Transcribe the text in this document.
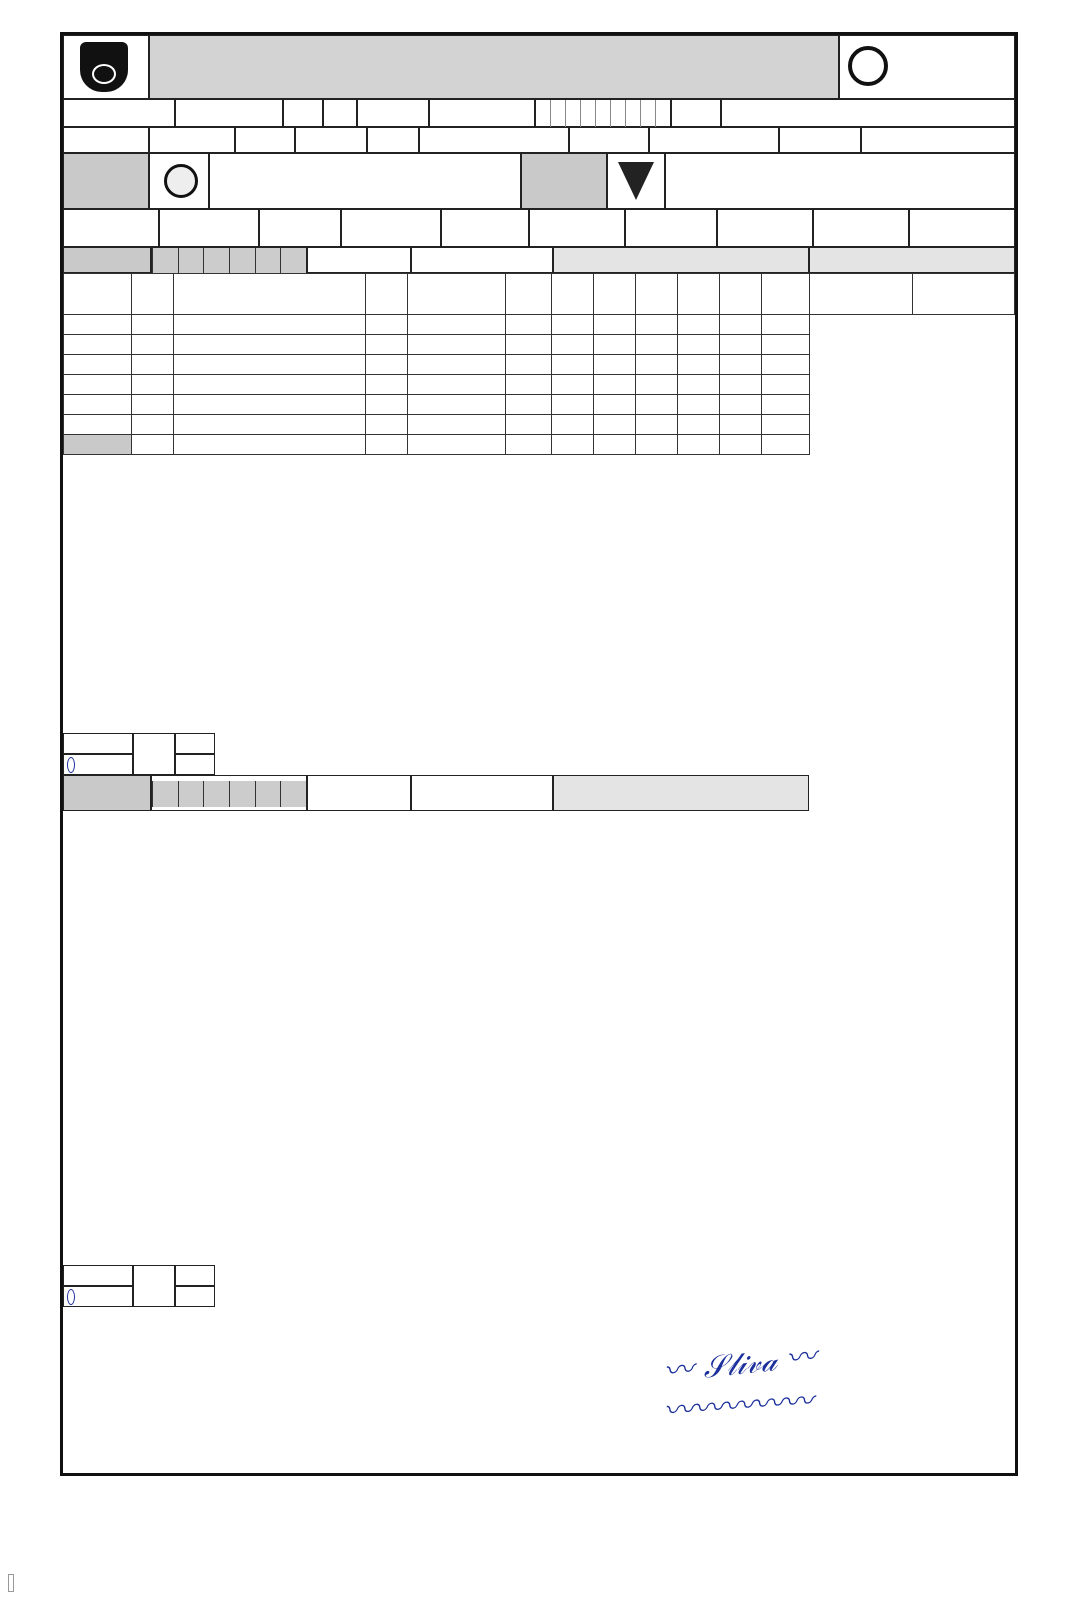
〰 𝒮𝓁𝒾𝓋𝒶 〰
〰〰〰〰〰
